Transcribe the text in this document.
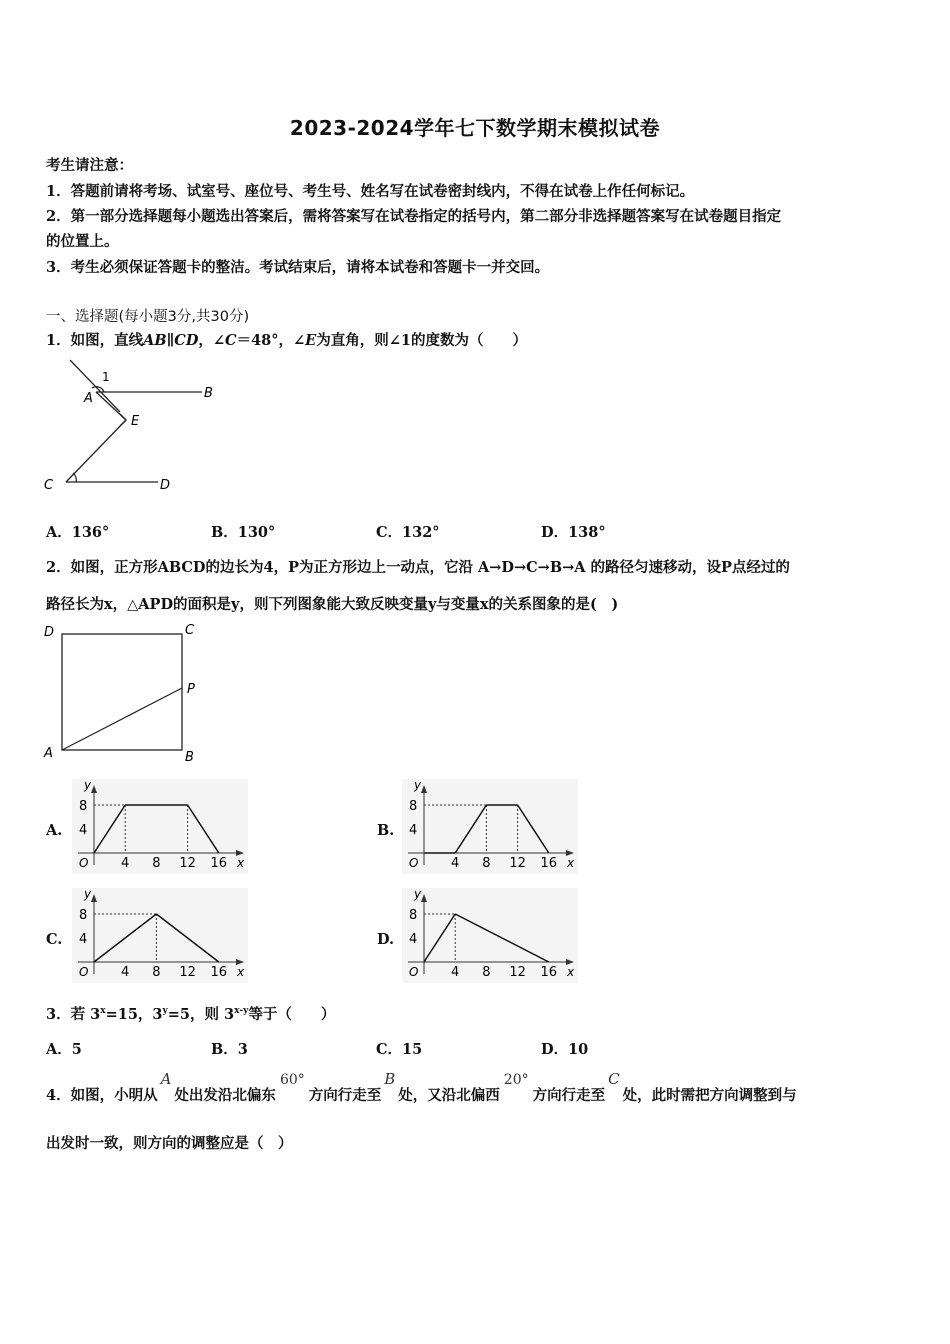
2023-2024学年七下数学期末模拟试卷
考生请注意：
1．答题前请将考场、试室号、座位号、考生号、姓名写在试卷密封线内，不得在试卷上作任何标记。
2．第一部分选择题每小题选出答案后，需将答案写在试卷指定的括号内，第二部分非选择题答案写在试卷题目指定
的位置上。
3．考生必须保证答题卡的整洁。考试结束后，请将本试卷和答题卡一并交回。
一、选择题(每小题3分,共30分)
1．如图，直线AB∥CD，∠C＝48°，∠E为直角，则∠1的度数为（　　）
1
A	B
E
C	D
A．136°	B．130°	C．132°	D．138°
2．如图，正方形ABCD的边长为4，P为正方形边上一动点，它沿 A→D→C→B→A 的路径匀速移动，设P点经过的
路径长为x，△APD的面积是y，则下列图象能大致反映变量y与变量x的关系图象的是(　)
D	C
P
A	B
A.	B.
C.	D.
y
x
O
8
4
4 8 12 16
y
x
O
8
4
4 8 12 16
y
x
O
8
4
4 8 12 16
y
x
O
8
4
4 8 12 16
3．若 $3^x=15$，$3^y=5$，则 3$^{x-y}$等于（　　）
A．5	B．3	C．15	D．10
4．如图，小明从A处出发沿北偏东60°方向行走至B处，又沿北偏西20°方向行走至C处，此时需把方向调整到与
出发时一致，则方向的调整应是（　）
